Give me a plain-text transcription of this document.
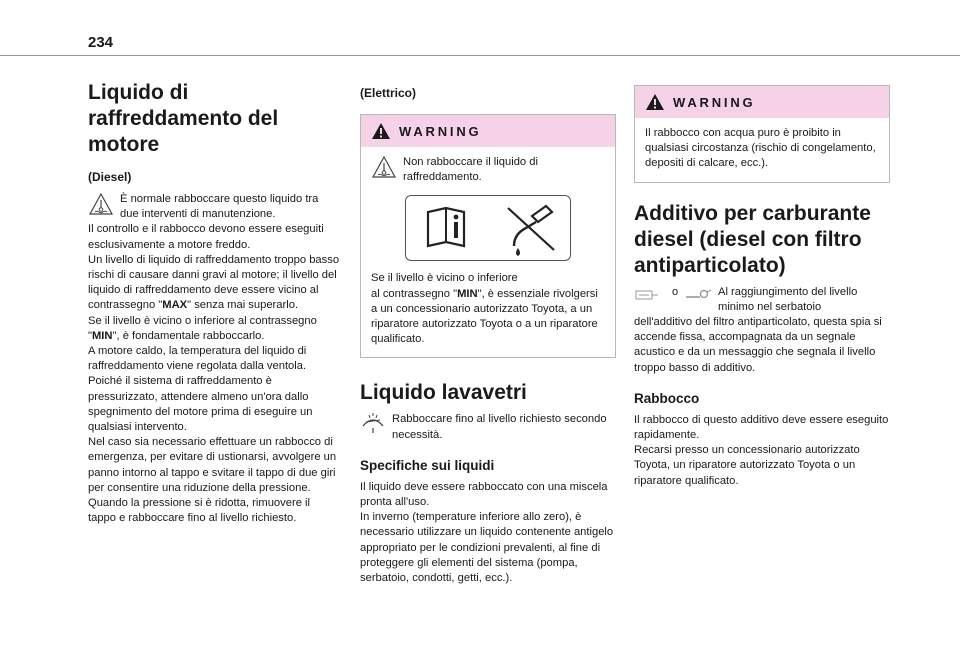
234
Liquido di raffreddamento del motore
(Diesel)
È normale rabboccare questo liquido tra due interventi di manutenzione.

Il controllo e il rabbocco devono essere eseguiti esclusivamente a motore freddo.
Un livello di liquido di raffreddamento troppo basso rischi di causare danni gravi al motore; il livello del liquido di raffreddamento deve essere vicino al contrassegno "MAX" senza mai superarlo.
Se il livello è vicino o inferiore al contrassegno "MIN", è fondamentale rabboccarlo.
A motore caldo, la temperatura del liquido di raffreddamento viene regolata dalla ventola.
Poiché il sistema di raffreddamento è pressurizzato, attendere almeno un'ora dallo spegnimento del motore prima di eseguire un qualsiasi intervento.
Nel caso sia necessario effettuare un rabbocco di emergenza, per evitare di ustionarsi, avvolgere un panno intorno al tappo e svitare il tappo di due giri per consentire una riduzione della pressione.
Quando la pressione si è ridotta, rimuovere il tappo e rabboccare fino al livello richiesto.

(Elettrico)
WARNING
Non rabboccare il liquido di raffreddamento.

Se il livello è vicino o inferiore
al contrassegno "MIN", è essenziale rivolgersi a un concessionario autorizzato Toyota, a un riparatore autorizzato Toyota o a un riparatore qualificato.

Liquido lavavetri
Rabboccare fino al livello richiesto secondo necessità.
Specifiche sui liquidi

Il liquido deve essere rabboccato con una miscela pronta all'uso.
In inverno (temperature inferiore allo zero), è necessario utilizzare un liquido contenente antigelo appropriato per le condizioni prevalenti, al fine di proteggere gli elementi del sistema (pompa, serbatoio, condotti, getti, ecc.).

WARNING

Il rabbocco con acqua puro è proibito in qualsiasi circostanza (rischio di congelamento, depositi di calcare, ecc.).

Additivo per carburante diesel (diesel con filtro antiparticolato)
o	Al raggiungimento del livello minimo nel serbatoio

dell'additivo del filtro antiparticolato, questa spia si accende fissa, accompagnata da un segnale acustico e da un messaggio che segnala il livello troppo basso di additivo.

Rabbocco

Il rabbocco di questo additivo deve essere eseguito rapidamente.
Recarsi presso un concessionario autorizzato Toyota, un riparatore autorizzato Toyota o un riparatore qualificato.
